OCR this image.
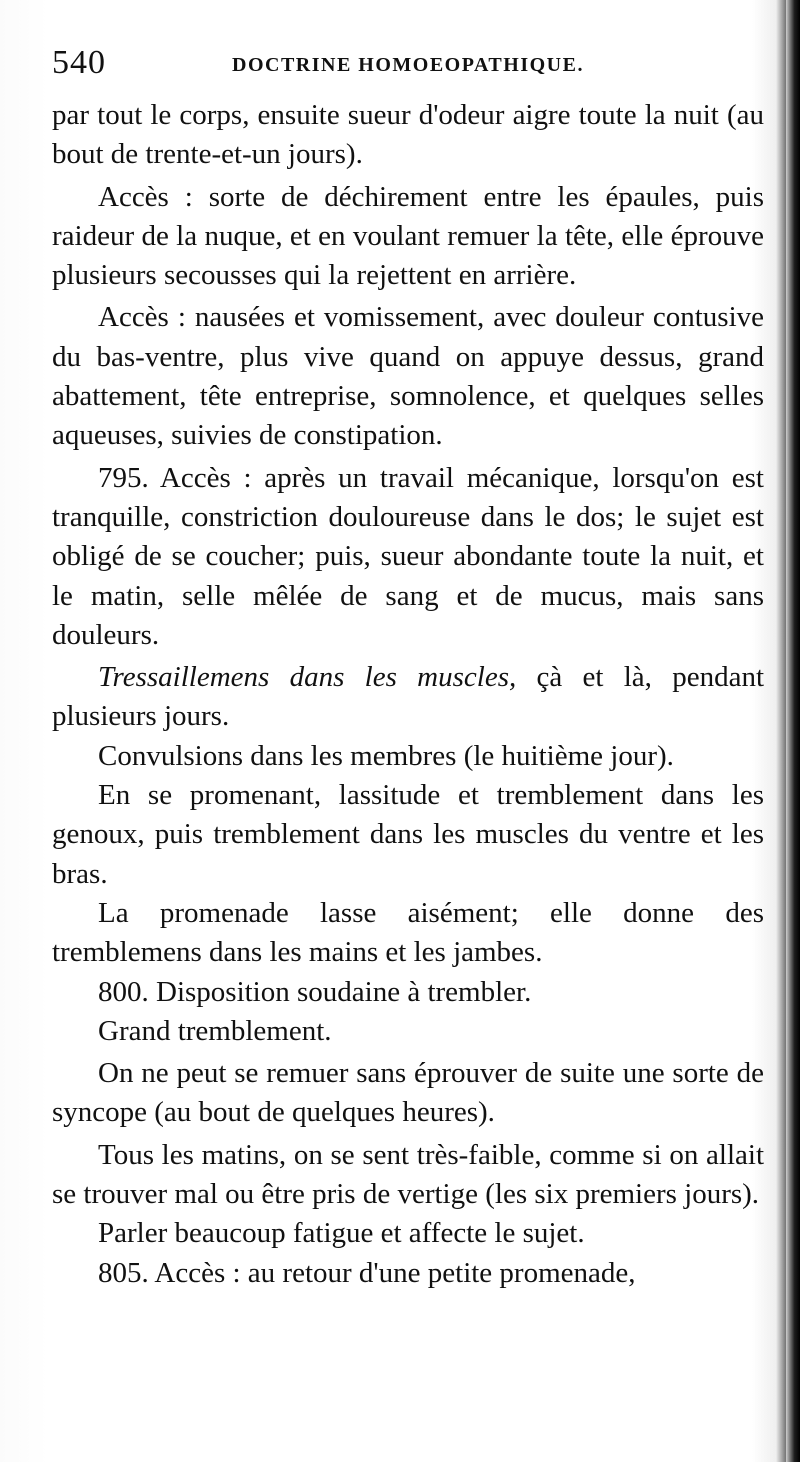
540	DOCTRINE HOMOEOPATHIQUE.

par tout le corps, ensuite sueur d'odeur aigre toute la nuit (au bout de trente-et-un jours).

Accès : sorte de déchirement entre les épaules, puis raideur de la nuque, et en voulant remuer la tête, elle éprouve plusieurs secousses qui la rejettent en arrière.

Accès : nausées et vomissement, avec douleur contusive du bas-ventre, plus vive quand on appuye dessus, grand abattement, tête entreprise, somnolence, et quelques selles aqueuses, suivies de constipation.

795. Accès : après un travail mécanique, lorsqu'on est tranquille, constriction douloureuse dans le dos; le sujet est obligé de se coucher; puis, sueur abondante toute la nuit, et le matin, selle mêlée de sang et de mucus, mais sans douleurs.

Tressaillemens dans les muscles, çà et là, pendant plusieurs jours.

Convulsions dans les membres (le huitième jour).

En se promenant, lassitude et tremblement dans les genoux, puis tremblement dans les muscles du ventre et les bras.

La promenade lasse aisément; elle donne des tremblemens dans les mains et les jambes.

800. Disposition soudaine à trembler.

Grand tremblement.

On ne peut se remuer sans éprouver de suite une sorte de syncope (au bout de quelques heures).

Tous les matins, on se sent très-faible, comme si on allait se trouver mal ou être pris de vertige (les six premiers jours).

Parler beaucoup fatigue et affecte le sujet.

805. Accès : au retour d'une petite promenade,
